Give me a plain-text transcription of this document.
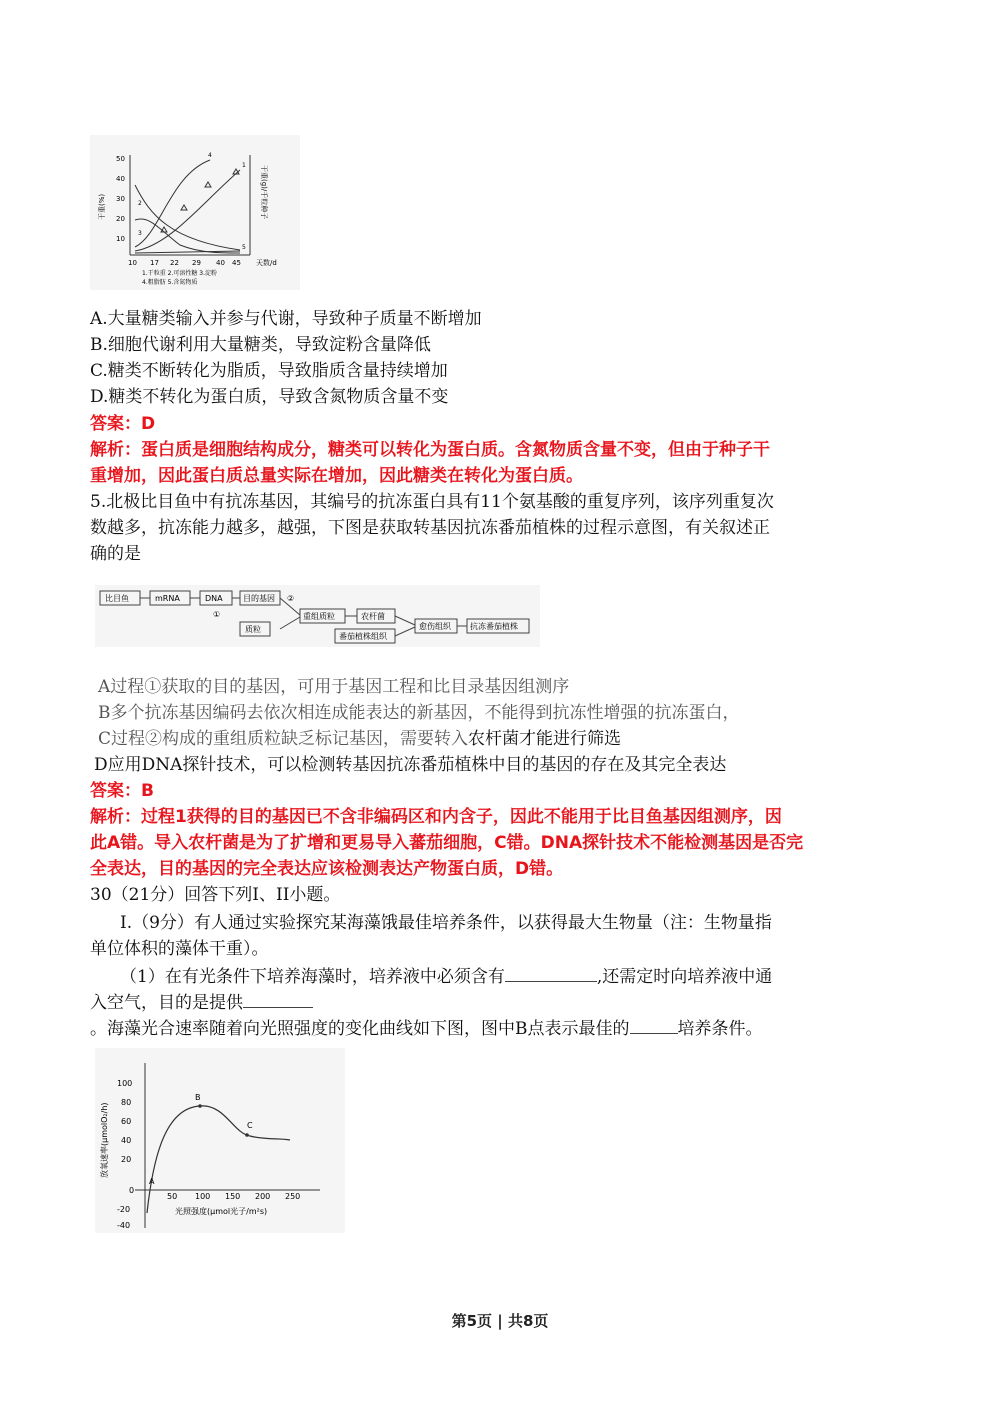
50
40
30
20
10
10 17 22 29 40 45 天数/d
干重(%)	干重(g)/千粒种子
2
3
4
1
5
1.干粒重 2.可溶性糖 3.淀粉
4.粗脂肪 5.含氮物质
A.大量糖类输入并参与代谢，导致种子质量不断增加
B.细胞代谢利用大量糖类，导致淀粉含量降低
C.糖类不断转化为脂质，导致脂质含量持续增加
D.糖类不转化为蛋白质，导致含氮物质含量不变
答案：D
解析：蛋白质是细胞结构成分，糖类可以转化为蛋白质。含氮物质含量不变，但由于种子干
重增加，因此蛋白质总量实际在增加，因此糖类在转化为蛋白质。
5.北极比目鱼中有抗冻基因，其编号的抗冻蛋白具有11个氨基酸的重复序列，该序列重复次
数越多，抗冻能力越多，越强，下图是获取转基因抗冻番茄植株的过程示意图，有关叙述正
确的是
比目鱼	mRNA	DNA	目的基因
①
②
质粒
重组质粒	农杆菌
番茄植株组织
愈伤组织 抗冻番茄植株
A过程①获取的目的基因，可用于基因工程和比目录基因组测序
B多个抗冻基因编码去依次相连成能表达的新基因，不能得到抗冻性增强的抗冻蛋白，
C过程②构成的重组质粒缺乏标记基因，需要转入农杆菌才能进行筛选
D应用DNA探针技术，可以检测转基因抗冻番茄植株中目的基因的存在及其完全表达
答案：B
解析：过程1获得的目的基因已不含非编码区和内含子，因此不能用于比目鱼基因组测序，因
此A错。导入农杆菌是为了扩增和更易导入蕃茄细胞，C错。DNA探针技术不能检测基因是否完
全表达，目的基因的完全表达应该检测表达产物蛋白质，D错。
30（21分）回答下列I、II小题。
I.（9分）有人通过实验探究某海藻饿最佳培养条件，以获得最大生物量（注：生物量指
单位体积的藻体干重）。
（1）在有光条件下培养海藻时，培养液中必须含有	,还需定时向培养液中通
入空气，目的是提供
。海藻光合速率随着向光照强度的变化曲线如下图，图中B点表示最佳的	培养条件。
100
80
60
40
20
0
-20
-40
50 100 150 200 250
光照强度(μmol光子/m²s)
放氧速率(μmolO₂/h)
A
B
C
第5页 | 共8页
